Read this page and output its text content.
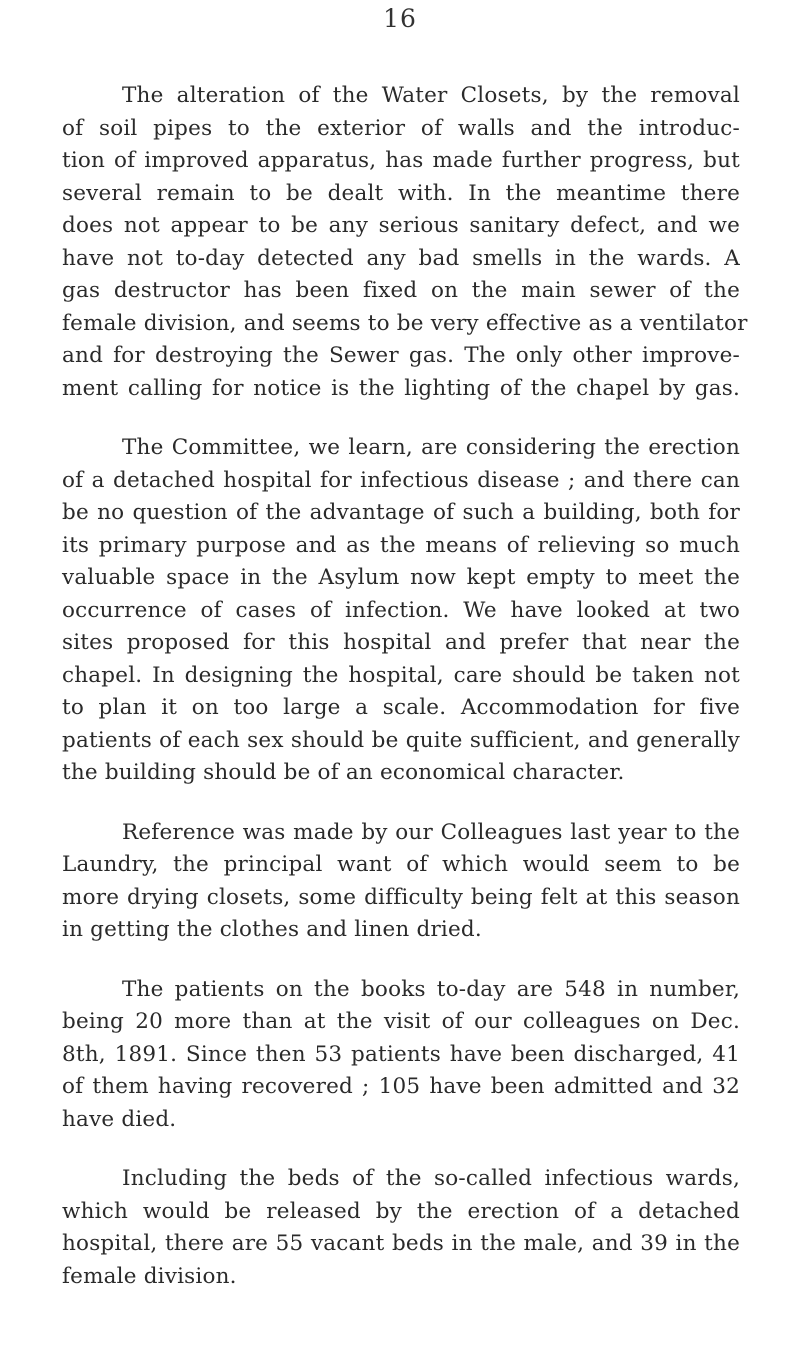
16

The alteration of the Water Closets, by the removal
of soil pipes to the exterior of walls and the introduc-
tion of improved apparatus, has made further progress, but
several remain to be dealt with. In the meantime there
does not appear to be any serious sanitary defect, and we
have not to-day detected any bad smells in the wards. A
gas destructor has been fixed on the main sewer of the
female division, and seems to be very effective as a ventilator
and for destroying the Sewer gas. The only other improve-
ment calling for notice is the lighting of the chapel by gas.

The Committee, we learn, are considering the erection
of a detached hospital for infectious disease ; and there can
be no question of the advantage of such a building, both for
its primary purpose and as the means of relieving so much
valuable space in the Asylum now kept empty to meet the
occurrence of cases of infection. We have looked at two
sites proposed for this hospital and prefer that near the
chapel. In designing the hospital, care should be taken not
to plan it on too large a scale. Accommodation for five
patients of each sex should be quite sufficient, and generally
the building should be of an economical character.

Reference was made by our Colleagues last year to the
Laundry, the principal want of which would seem to be
more drying closets, some difficulty being felt at this season
in getting the clothes and linen dried.

The patients on the books to-day are 548 in number,
being 20 more than at the visit of our colleagues on Dec.
8th, 1891. Since then 53 patients have been discharged, 41
of them having recovered ; 105 have been admitted and 32
have died.

Including the beds of the so-called infectious wards,
which would be released by the erection of a detached
hospital, there are 55 vacant beds in the male, and 39 in the
female division.
